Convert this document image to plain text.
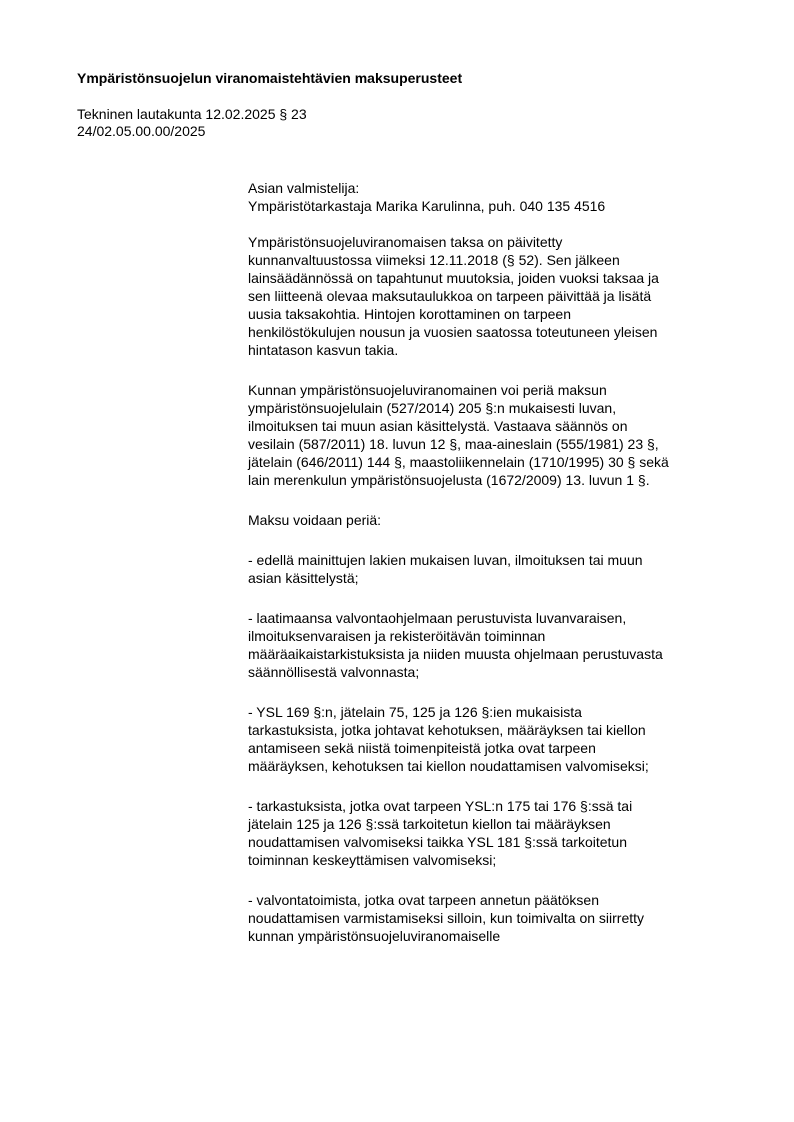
Ympäristönsuojelun viranomaistehtävien maksuperusteet
Tekninen lautakunta 12.02.2025 § 23
24/02.05.00.00/2025
Asian valmistelija:
Ympäristötarkastaja Marika Karulinna, puh. 040 135 4516
Ympäristönsuojeluviranomaisen taksa on päivitetty
kunnanvaltuustossa viimeksi 12.11.2018 (§ 52). Sen jälkeen
lainsäädännössä on tapahtunut muutoksia, joiden vuoksi taksaa ja
sen liitteenä olevaa maksutaulukkoa on tarpeen päivittää ja lisätä
uusia taksakohtia. Hintojen korottaminen on tarpeen
henkilöstökulujen nousun ja vuosien saatossa toteutuneen yleisen
hintatason kasvun takia.
Kunnan ympäristönsuojeluviranomainen voi periä maksun
ympäristönsuojelulain (527/2014) 205 §:n mukaisesti luvan,
ilmoituksen tai muun asian käsittelystä. Vastaava säännös on
vesilain (587/2011) 18. luvun 12 §, maa-aineslain (555/1981) 23 §,
jätelain (646/2011) 144 §, maastoliikennelain (1710/1995) 30 § sekä
lain merenkulun ympäristönsuojelusta (1672/2009) 13. luvun 1 §.
Maksu voidaan periä:
- edellä mainittujen lakien mukaisen luvan, ilmoituksen tai muun
asian käsittelystä;
- laatimaansa valvontaohjelmaan perustuvista luvanvaraisen,
ilmoituksenvaraisen ja rekisteröitävän toiminnan
määräaikaistarkistuksista ja niiden muusta ohjelmaan perustuvasta
säännöllisestä valvonnasta;
- YSL 169 §:n, jätelain 75, 125 ja 126 §:ien mukaisista
tarkastuksista, jotka johtavat kehotuksen, määräyksen tai kiellon
antamiseen sekä niistä toimenpiteistä jotka ovat tarpeen
määräyksen, kehotuksen tai kiellon noudattamisen valvomiseksi;
- tarkastuksista, jotka ovat tarpeen YSL:n 175 tai 176 §:ssä tai
jätelain 125 ja 126 §:ssä tarkoitetun kiellon tai määräyksen
noudattamisen valvomiseksi taikka YSL 181 §:ssä tarkoitetun
toiminnan keskeyttämisen valvomiseksi;
- valvontatoimista, jotka ovat tarpeen annetun päätöksen
noudattamisen varmistamiseksi silloin, kun toimivalta on siirretty
kunnan ympäristönsuojeluviranomaiselle
